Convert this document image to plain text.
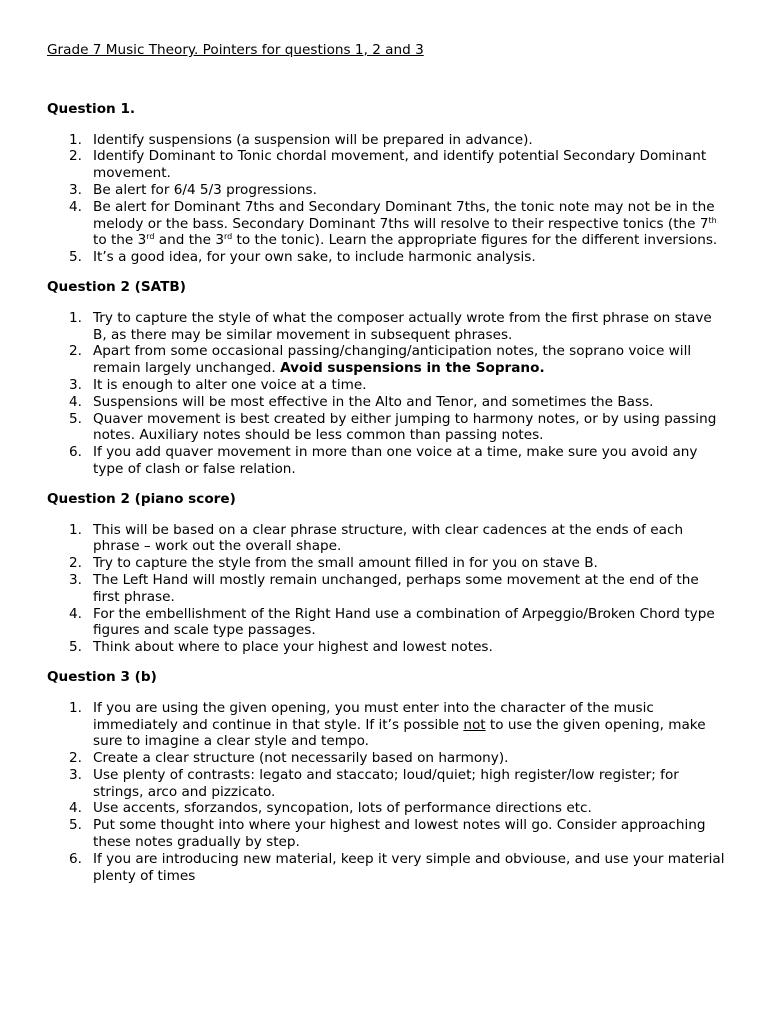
Grade 7 Music Theory. Pointers for questions 1, 2 and 3
Question 1.
1. Identify suspensions (a suspension will be prepared in advance).
2. Identify Dominant to Tonic chordal movement, and identify potential Secondary Dominant movement.
3. Be alert for 6/4 5/3 progressions.
4. Be alert for Dominant 7ths and Secondary Dominant 7ths, the tonic note may not be in the melody or the bass. Secondary Dominant 7ths will resolve to their respective tonics (the 7th to the 3rd and the 3rd to the tonic). Learn the appropriate figures for the different inversions.
5. It’s a good idea, for your own sake, to include harmonic analysis.
Question 2 (SATB)
1. Try to capture the style of what the composer actually wrote from the first phrase on stave B, as there may be similar movement in subsequent phrases.
2. Apart from some occasional passing/changing/anticipation notes, the soprano voice will remain largely unchanged. Avoid suspensions in the Soprano.
3. It is enough to alter one voice at a time.
4. Suspensions will be most effective in the Alto and Tenor, and sometimes the Bass.
5. Quaver movement is best created by either jumping to harmony notes, or by using passing notes. Auxiliary notes should be less common than passing notes.
6. If you add quaver movement in more than one voice at a time, make sure you avoid any type of clash or false relation.
Question 2 (piano score)
1. This will be based on a clear phrase structure, with clear cadences at the ends of each phrase – work out the overall shape.
2. Try to capture the style from the small amount filled in for you on stave B.
3. The Left Hand will mostly remain unchanged, perhaps some movement at the end of the first phrase.
4. For the embellishment of the Right Hand use a combination of Arpeggio/Broken Chord type figures and scale type passages.
5. Think about where to place your highest and lowest notes.
Question 3 (b)
1. If you are using the given opening, you must enter into the character of the music immediately and continue in that style. If it’s possible not to use the given opening, make sure to imagine a clear style and tempo.
2. Create a clear structure (not necessarily based on harmony).
3. Use plenty of contrasts: legato and staccato; loud/quiet; high register/low register; for strings, arco and pizzicato.
4. Use accents, sforzandos, syncopation, lots of performance directions etc.
5. Put some thought into where your highest and lowest notes will go. Consider approaching these notes gradually by step.
6. If you are introducing new material, keep it very simple and obviouse, and use your material plenty of times
